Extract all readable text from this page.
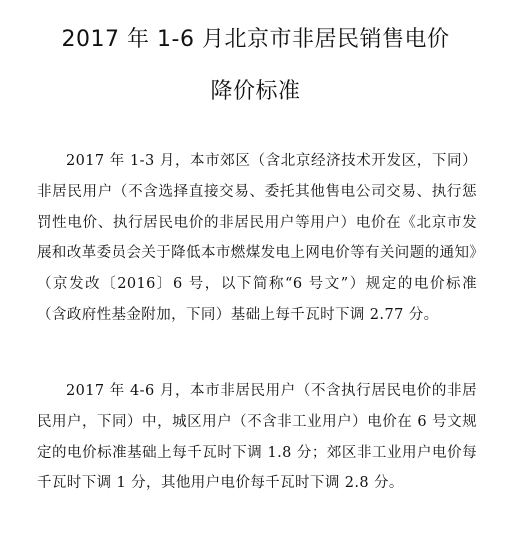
2017 年 1-6 月北京市非居民销售电价
降价标准

2017 年 1-3 月，本市郊区（含北京经济技术开发区，下同）非居民用户（不含选择直接交易、委托其他售电公司交易、执行惩罚性电价、执行居民电价的非居民用户等用户）电价在《北京市发展和改革委员会关于降低本市燃煤发电上网电价等有关问题的通知》（京发改〔2016〕6 号，以下简称“6 号文”）规定的电价标准（含政府性基金附加，下同）基础上每千瓦时下调 2.77 分。

2017 年 4-6 月，本市非居民用户（不含执行居民电价的非居民用户，下同）中，城区用户（不含非工业用户）电价在 6 号文规定的电价标准基础上每千瓦时下调 1.8 分；郊区非工业用户电价每千瓦时下调 1 分，其他用户电价每千瓦时下调 2.8 分。
